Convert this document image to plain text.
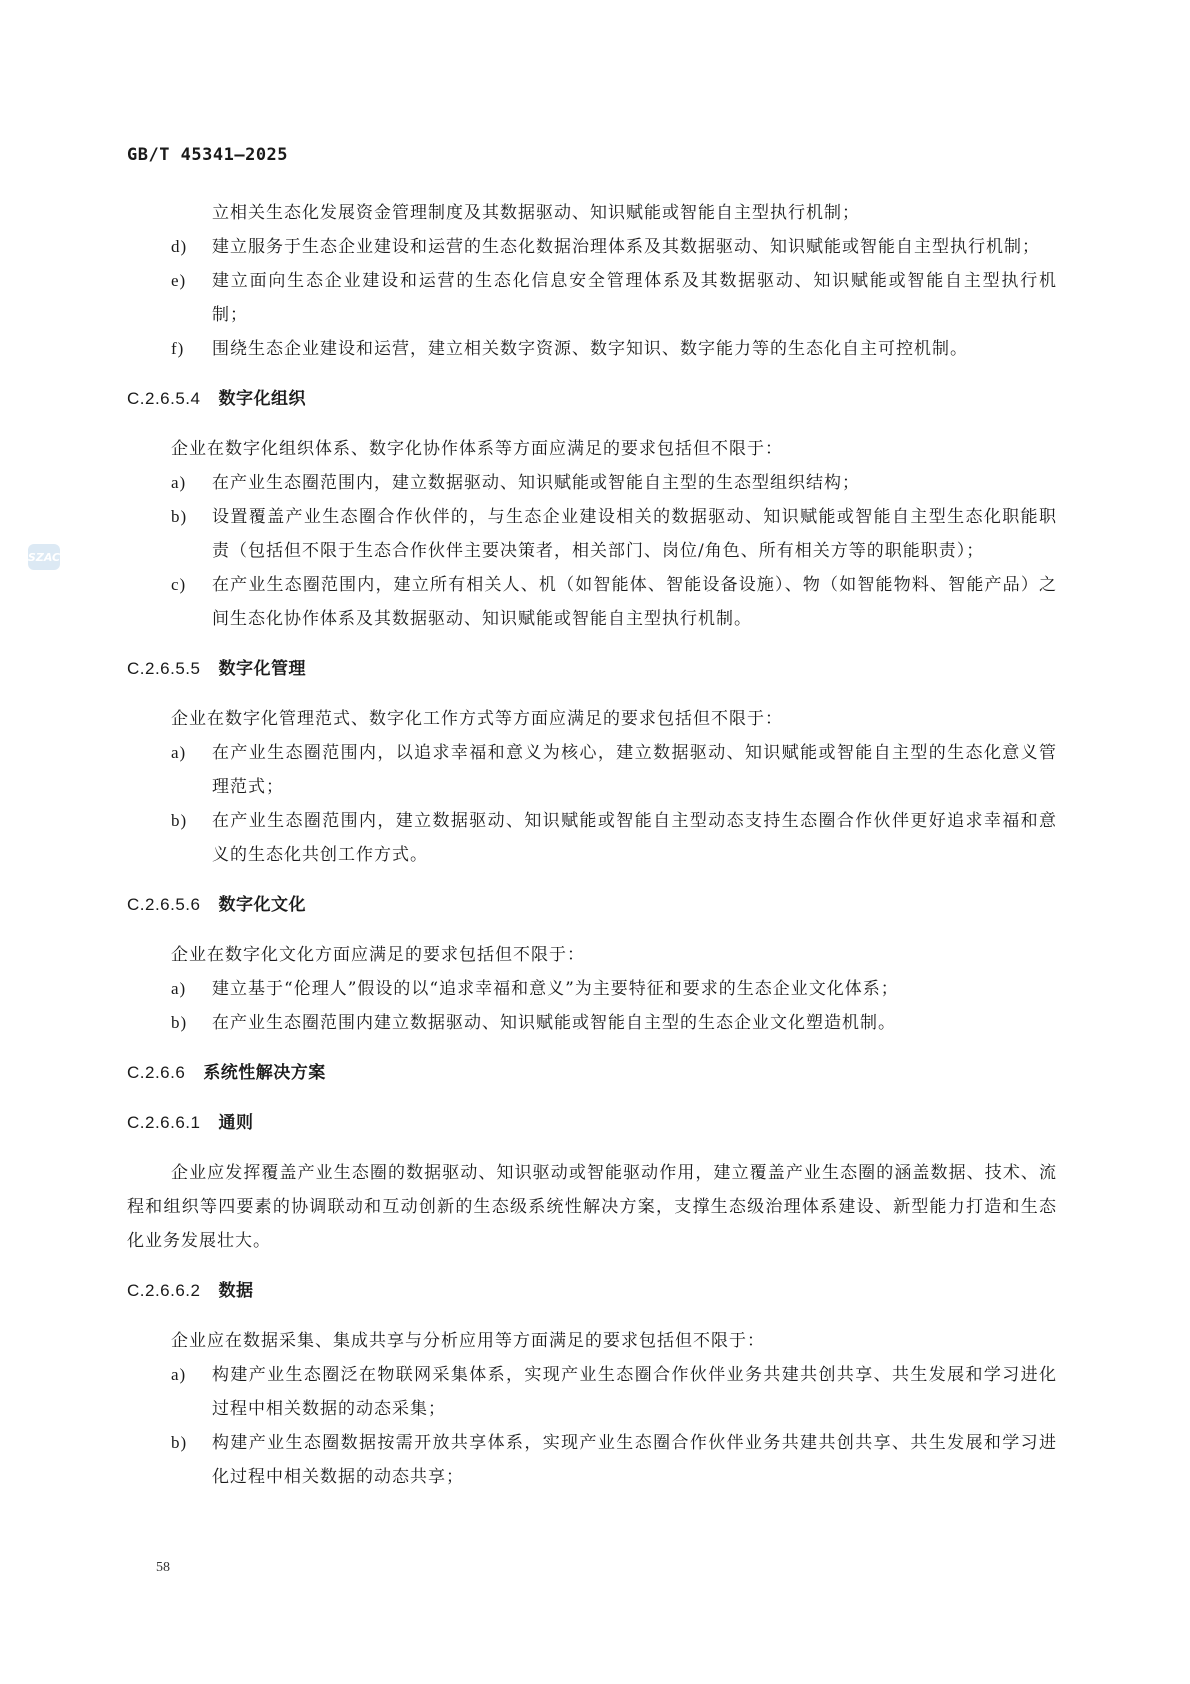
GB/T 45341—2025
SZAC

立相关生态化发展资金管理制度及其数据驱动、知识赋能或智能自主型执行机制；

d) 建立服务于生态企业建设和运营的生态化数据治理体系及其数据驱动、知识赋能或智能自主型执行机制；
e) 建立面向生态企业建设和运营的生态化信息安全管理体系及其数据驱动、知识赋能或智能自主型执行机制；
f) 围绕生态企业建设和运营，建立相关数字资源、数字知识、数字能力等的生态化自主可控机制。
C.2.6.5.4 数字化组织

企业在数字化组织体系、数字化协作体系等方面应满足的要求包括但不限于：

a) 在产业生态圈范围内，建立数据驱动、知识赋能或智能自主型的生态型组织结构；
b) 设置覆盖产业生态圈合作伙伴的，与生态企业建设相关的数据驱动、知识赋能或智能自主型生态化职能职责（包括但不限于生态合作伙伴主要决策者，相关部门、岗位/角色、所有相关方等的职能职责）；
c) 在产业生态圈范围内，建立所有相关人、机（如智能体、智能设备设施）、物（如智能物料、智能产品）之间生态化协作体系及其数据驱动、知识赋能或智能自主型执行机制。
C.2.6.5.5 数字化管理

企业在数字化管理范式、数字化工作方式等方面应满足的要求包括但不限于：

a) 在产业生态圈范围内，以追求幸福和意义为核心，建立数据驱动、知识赋能或智能自主型的生态化意义管理范式；
b) 在产业生态圈范围内，建立数据驱动、知识赋能或智能自主型动态支持生态圈合作伙伴更好追求幸福和意义的生态化共创工作方式。
C.2.6.5.6 数字化文化

企业在数字化文化方面应满足的要求包括但不限于：

a) 建立基于“伦理人”假设的以“追求幸福和意义”为主要特征和要求的生态企业文化体系；
b) 在产业生态圈范围内建立数据驱动、知识赋能或智能自主型的生态企业文化塑造机制。
C.2.6.6 系统性解决方案
C.2.6.6.1 通则

企业应发挥覆盖产业生态圈的数据驱动、知识驱动或智能驱动作用，建立覆盖产业生态圈的涵盖数据、技术、流程和组织等四要素的协调联动和互动创新的生态级系统性解决方案，支撑生态级治理体系建设、新型能力打造和生态化业务发展壮大。

C.2.6.6.2 数据

企业应在数据采集、集成共享与分析应用等方面满足的要求包括但不限于：

a) 构建产业生态圈泛在物联网采集体系，实现产业生态圈合作伙伴业务共建共创共享、共生发展和学习进化过程中相关数据的动态采集；
b) 构建产业生态圈数据按需开放共享体系，实现产业生态圈合作伙伴业务共建共创共享、共生发展和学习进化过程中相关数据的动态共享；
58
